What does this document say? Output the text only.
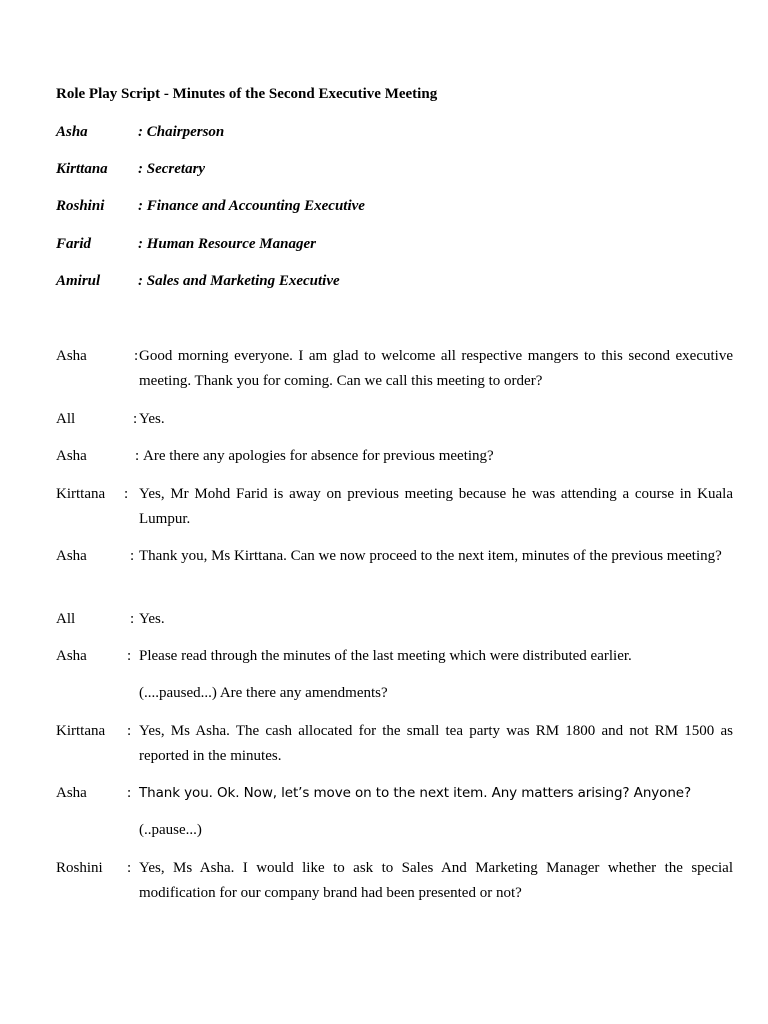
Role Play Script - Minutes of the Second Executive Meeting
Asha	: Chairperson
Kirttana : Secretary
Roshini : Finance and Accounting Executive
Farid	: Human Resource Manager
Amirul	: Sales and Marketing Executive
Asha	: Good morning everyone. I am glad to welcome all respective mangers to this second executive meeting. Thank you for coming. Can we call this meeting to order?
All	: Yes.
Asha	: Are there any apologies for absence for previous meeting?
Kirttana : Yes, Mr Mohd Farid is away on previous meeting because he was attending a course in Kuala Lumpur.
Asha	: Thank you, Ms Kirttana. Can we now proceed to the next item, minutes of the previous meeting?
All	: Yes.
Asha	: Please read through the minutes of the last meeting which were distributed earlier.
(....paused...) Are there any amendments?
Kirttana : Yes, Ms Asha. The cash allocated for the small tea party was RM 1800 and not RM 1500 as reported in the minutes.
Asha	: Thank you. Ok. Now, let’s move on to the next item. Any matters arising? Anyone?
(..pause...)
Roshini : Yes, Ms Asha. I would like to ask to Sales And Marketing Manager whether the special modification for our company brand had been presented or not?
